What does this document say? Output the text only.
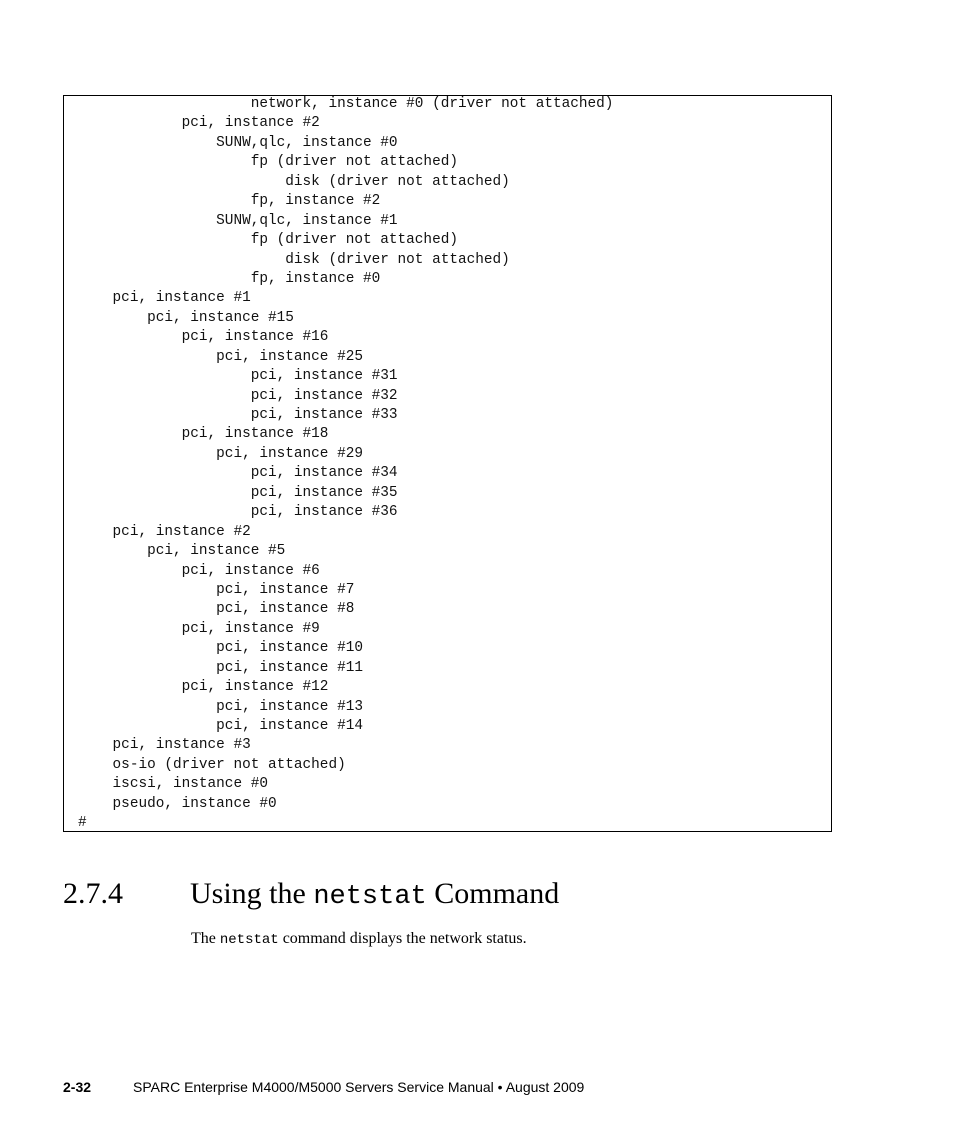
network, instance #0 (driver not attached)
pci, instance #2
SUNW,qlc, instance #0
fp (driver not attached)
disk (driver not attached)
fp, instance #2
SUNW,qlc, instance #1
fp (driver not attached)
disk (driver not attached)
fp, instance #0
pci, instance #1
pci, instance #15
pci, instance #16
pci, instance #25
pci, instance #31
pci, instance #32
pci, instance #33
pci, instance #18
pci, instance #29
pci, instance #34
pci, instance #35
pci, instance #36
pci, instance #2
pci, instance #5
pci, instance #6
pci, instance #7
pci, instance #8
pci, instance #9
pci, instance #10
pci, instance #11
pci, instance #12
pci, instance #13
pci, instance #14
pci, instance #3
os-io (driver not attached)
iscsi, instance #0
pseudo, instance #0
#
2.7.4 Using the netstat Command
The netstat command displays the network status.
2-32	SPARC Enterprise M4000/M5000 Servers Service Manual • August 2009
